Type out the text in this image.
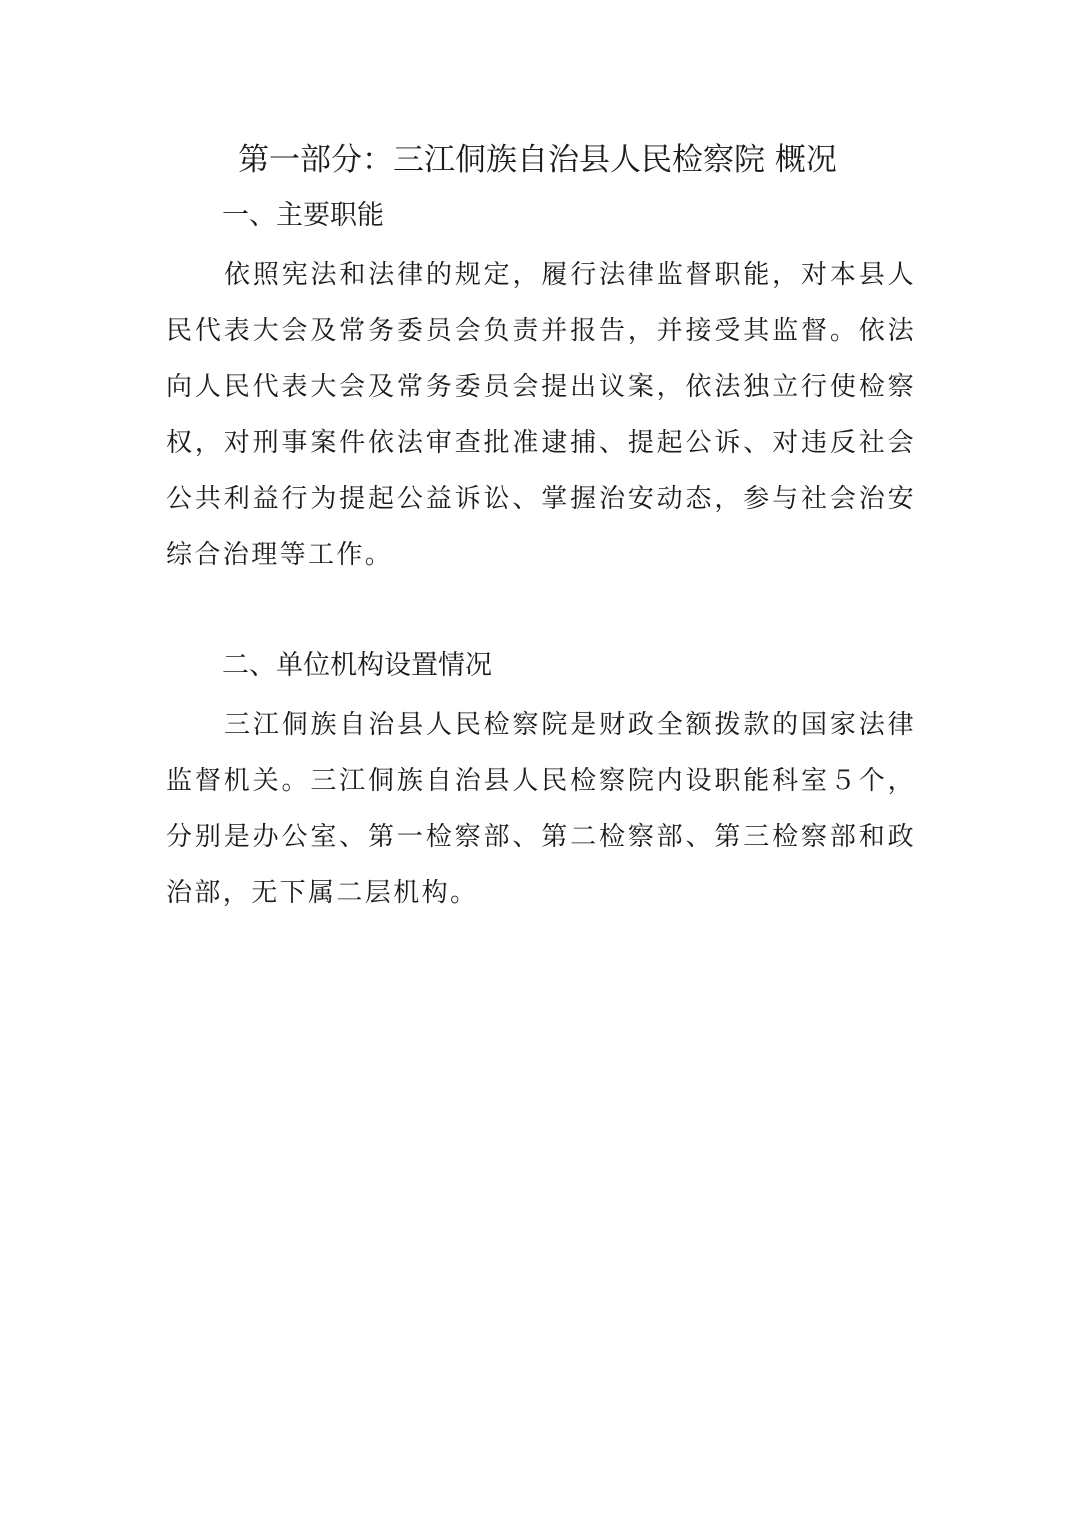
第一部分：三江侗族自治县人民检察院 概况
一、主要职能

依照宪法和法律的规定，履行法律监督职能，对本县人民代表大会及常务委员会负责并报告，并接受其监督。依法向人民代表大会及常务委员会提出议案，依法独立行使检察权，对刑事案件依法审查批准逮捕、提起公诉、对违反社会公共利益行为提起公益诉讼、掌握治安动态，参与社会治安综合治理等工作。

二、单位机构设置情况

三江侗族自治县人民检察院是财政全额拨款的国家法律监督机关。三江侗族自治县人民检察院内设职能科室５个，分别是办公室、第一检察部、第二检察部、第三检察部和政治部，无下属二层机构。
